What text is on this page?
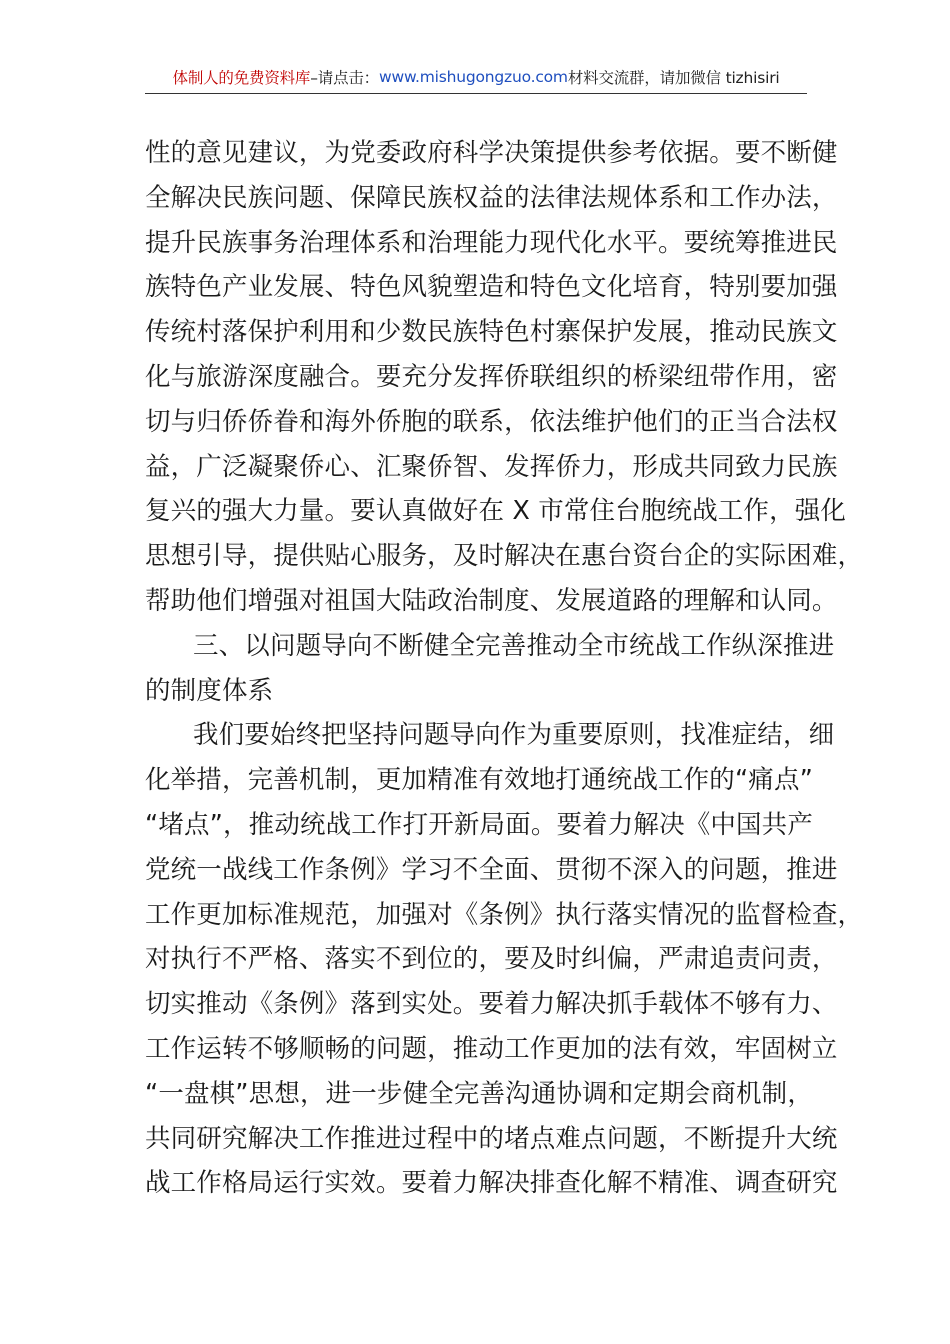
体制人的免费资料库 –请点击： www.mishugongzuo.com 材料交流群，请加微信 tizhisiri
性的意见建议，为党委政府科学决策提供参考依据。要不断健
全解决民族问题、保障民族权益的法律法规体系和工作办法，
提升民族事务治理体系和治理能力现代化水平。要统筹推进民
族特色产业发展、特色风貌塑造和特色文化培育，特别要加强
传统村落保护利用和少数民族特色村寨保护发展，推动民族文
化与旅游深度融合。要充分发挥侨联组织的桥梁纽带作用，密
切与归侨侨眷和海外侨胞的联系，依法维护他们的正当合法权
益，广泛凝聚侨心、汇聚侨智、发挥侨力，形成共同致力民族
复兴的强大力量。要认真做好在 X 市常住台胞统战工作，强化
思想引导，提供贴心服务，及时解决在惠台资台企的实际困难，
帮助他们增强对祖国大陆政治制度、发展道路的理解和认同。
三、以问题导向不断健全完善推动全市统战工作纵深推进
的制度体系
我们要始终把坚持问题导向作为重要原则，找准症结，细
化举措，完善机制，更加精准有效地打通统战工作的“痛点”
“堵点”，推动统战工作打开新局面。要着力解决《中国共产
党统一战线工作条例》学习不全面、贯彻不深入的问题，推进
工作更加标准规范，加强对《条例》执行落实情况的监督检查，
对执行不严格、落实不到位的，要及时纠偏，严肃追责问责，
切实推动《条例》落到实处。要着力解决抓手载体不够有力、
工作运转不够顺畅的问题，推动工作更加的法有效，牢固树立
“一盘棋”思想，进一步健全完善沟通协调和定期会商机制，
共同研究解决工作推进过程中的堵点难点问题，不断提升大统
战工作格局运行实效。要着力解决排查化解不精准、调查研究
